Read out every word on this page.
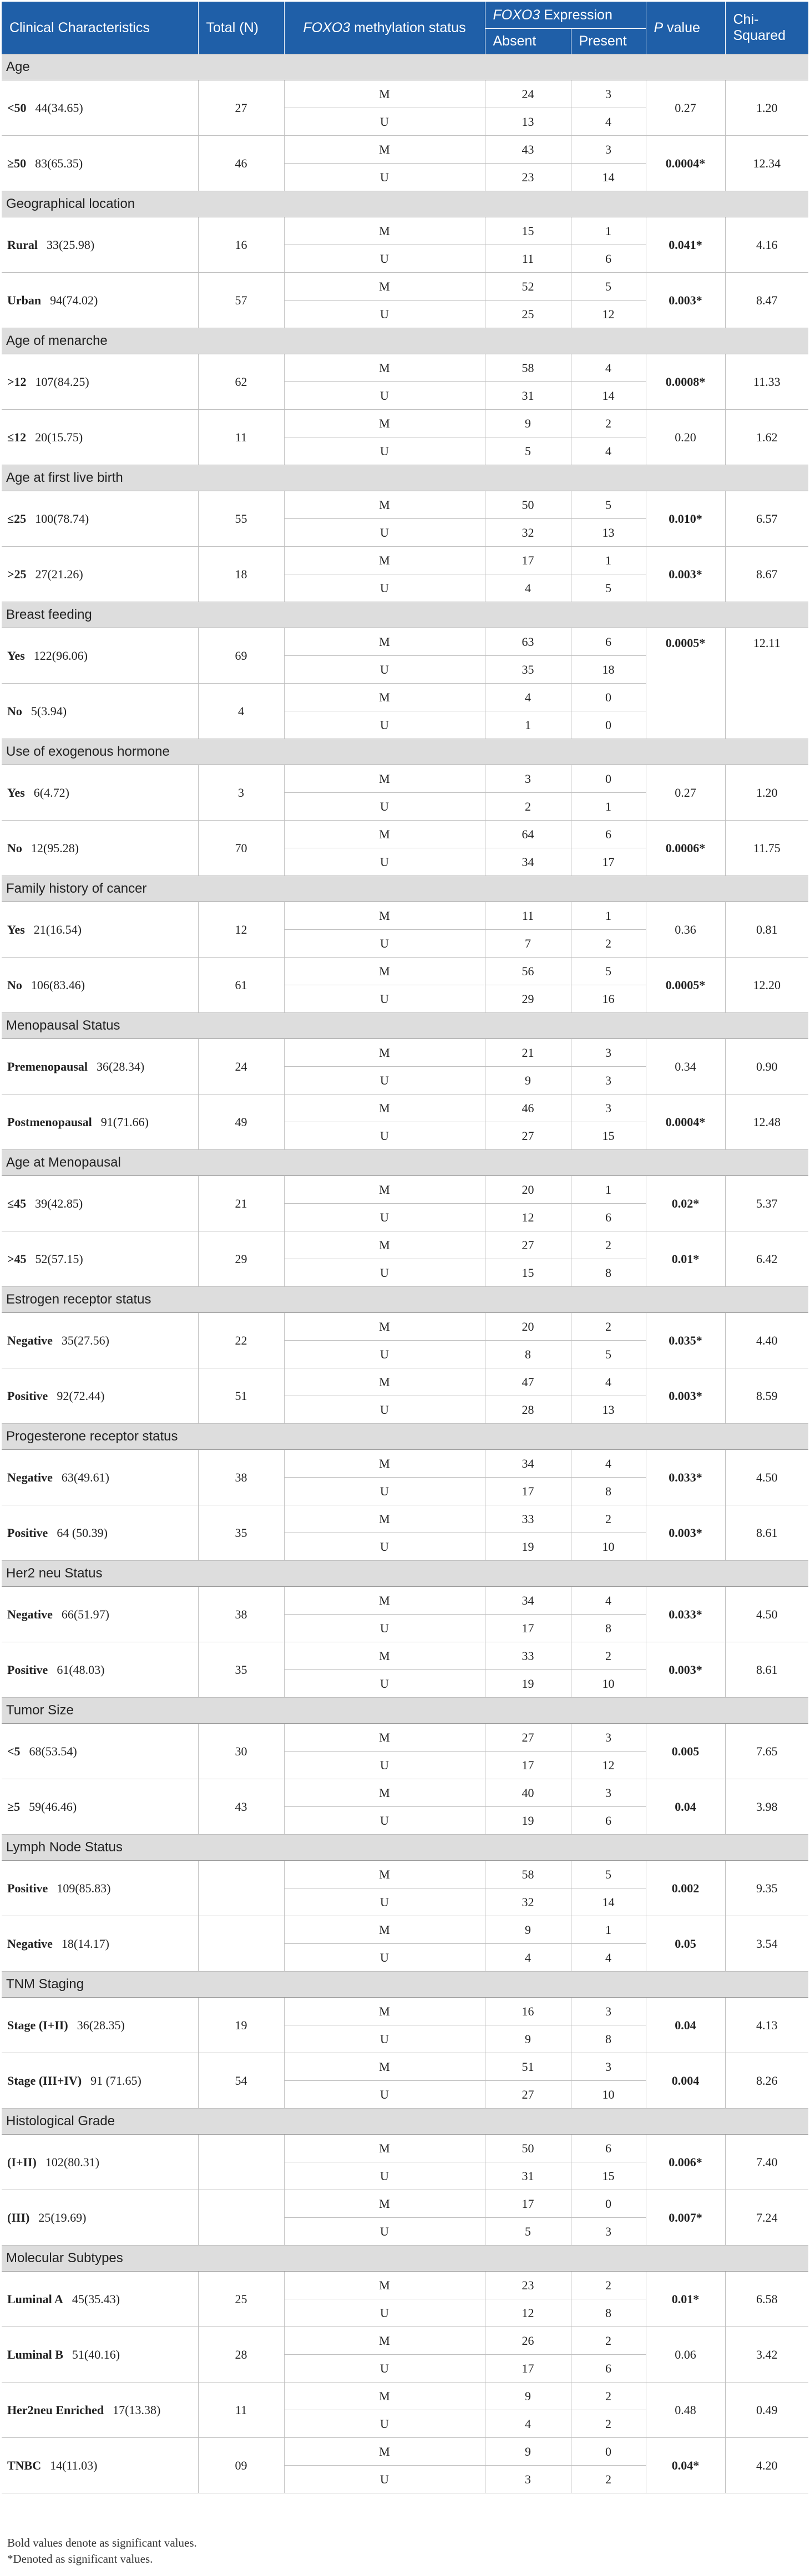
Clinical Characteristics	Total (N)	FOXO3 methylation status	FOXO3 Expression		P value	Chi-Squared
			Absent	Present		
Age						
<50 44(34.65)	27	M	24	3	0.27	1.20
		U	13	4		
≥50 83(65.35)	46	M	43	3	0.0004*	12.34
		U	23	14		
Geographical location						
Rural 33(25.98)	16	M	15	1	0.041*	4.16
		U	11	6		
Urban 94(74.02)	57	M	52	5	0.003*	8.47
		U	25	12		
Age of menarche						
>12 107(84.25)	62	M	58	4	0.0008*	11.33
		U	31	14		
≤12 20(15.75)	11	M	9	2	0.20	1.62
		U	5	4		
Age at first live birth						
≤25 100(78.74)	55	M	50	5	0.010*	6.57
		U	32	13		
>25 27(21.26)	18	M	17	1	0.003*	8.67
		U	4	5		
Breast feeding						
Yes 122(96.06)	69	M	63	6	0.0005*	12.11
		U	35	18		
No 5(3.94)	4	M	4	0		
		U	1	0		
Use of exogenous hormone						
Yes 6(4.72)	3	M	3	0	0.27	1.20
		U	2	1		
No 12(95.28)	70	M	64	6	0.0006*	11.75
		U	34	17		
Family history of cancer						
Yes 21(16.54)	12	M	11	1	0.36	0.81
		U	7	2		
No 106(83.46)	61	M	56	5	0.0005*	12.20
		U	29	16		
Menopausal Status						
Premenopausal 36(28.34)	24	M	21	3	0.34	0.90
		U	9	3		
Postmenopausal 91(71.66)	49	M	46	3	0.0004*	12.48
		U	27	15		
Age at Menopausal						
≤45 39(42.85)	21	M	20	1	0.02*	5.37
		U	12	6		
>45 52(57.15)	29	M	27	2	0.01*	6.42
		U	15	8		
Estrogen receptor status						
Negative 35(27.56)	22	M	20	2	0.035*	4.40
		U	8	5		
Positive 92(72.44)	51	M	47	4	0.003*	8.59
		U	28	13		
Progesterone receptor status						
Negative 63(49.61)	38	M	34	4	0.033*	4.50
		U	17	8		
Positive 64 (50.39)	35	M	33	2	0.003*	8.61
		U	19	10		
Her2 neu Status						
Negative 66(51.97)	38	M	34	4	0.033*	4.50
		U	17	8		
Positive 61(48.03)	35	M	33	2	0.003*	8.61
		U	19	10		
Tumor Size						
<5 68(53.54)	30	M	27	3	0.005	7.65
		U	17	12		
≥5 59(46.46)	43	M	40	3	0.04	3.98
		U	19	6		
Lymph Node Status						
Positive 109(85.83)		M	58	5	0.002	9.35
		U	32	14		
Negative 18(14.17)		M	9	1	0.05	3.54
		U	4	4		
TNM Staging						
Stage (I+II) 36(28.35)	19	M	16	3	0.04	4.13
		U	9	8		
Stage (III+IV) 91 (71.65)	54	M	51	3	0.004	8.26
		U	27	10		
Histological Grade						
(I+II) 102(80.31)		M	50	6	0.006*	7.40
		U	31	15		
(III) 25(19.69)		M	17	0	0.007*	7.24
		U	5	3		
Molecular Subtypes						
Luminal A 45(35.43)	25	M	23	2	0.01*	6.58
		U	12	8		
Luminal B 51(40.16)	28	M	26	2	0.06	3.42
		U	17	6		
Her2neu Enriched 17(13.38)	11	M	9	2	0.48	0.49
		U	4	2		
TNBC 14(11.03)	09	M	9	0	0.04*	4.20
		U	3	2		
Bold values denote as significant values.
*Denoted as significant values.
